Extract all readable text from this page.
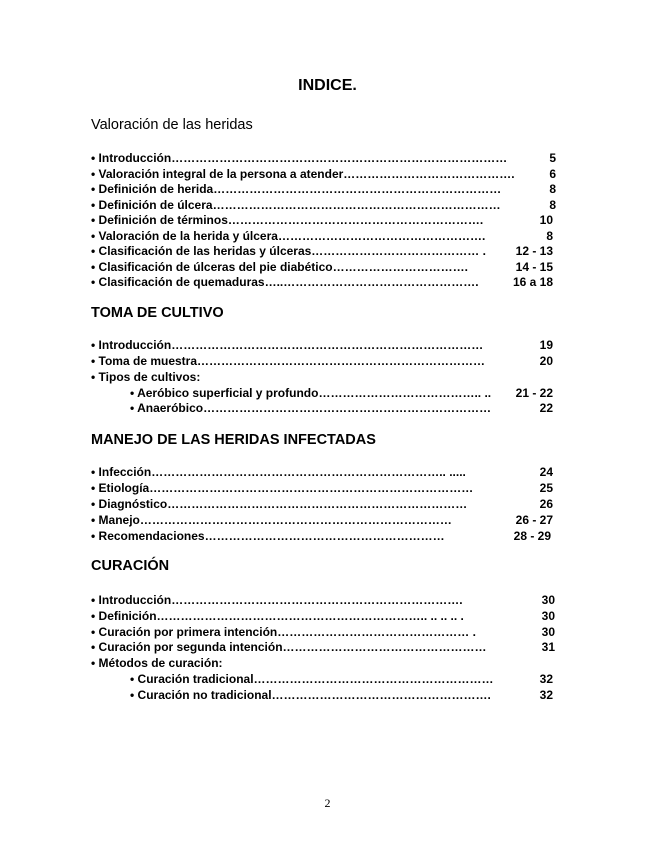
INDICE.
Valoración de las heridas
• Introducción…………………………………………………………………………	5
• Valoración integral de la persona a atender…………………………………….	6
• Definición de herida………………………………………………………………	8
• Definición de úlcera………………………………………………………………	8
• Definición de términos……………………………………………………….	10
• Valoración de la herida y úlcera…………………………………………….	8
• Clasificación de las heridas y úlceras…………………………………… . 12 - 13
• Clasificación de úlceras del pie diabético…………………………….	14 - 15
• Clasificación de quemaduras…..………………………………………….	16 a 18
TOMA DE CULTIVO
• Introducción……………………………………………………………………	19
• Toma de muestra………………………………………………………………	20
• Tipos de cultivos:
• Aeróbico superficial y profundo………………………………….. .. 21 - 22
• Anaeróbico………………………………………………………………	22
MANEJO DE LAS HERIDAS INFECTADAS
• Infección……………………………………………………………….. .....	24
• Etiología………………………………………………………………………	25
• Diagnóstico…………………………………………………………………	26
• Manejo……………………………………………………………………	26 - 27
• Recomendaciones……………………………………………………	28 - 29
CURACIÓN
• Introducción……………………………………………………………….	30
• Definición………………………………………………………….. .. .. .. .	30
• Curación por primera intención………………………………………… .	30
• Curación por segunda intención……………………………………………	31
• Métodos de curación:
• Curación tradicional……………………………………………………	32
• Curación no tradicional……………………………………………….	32
2
